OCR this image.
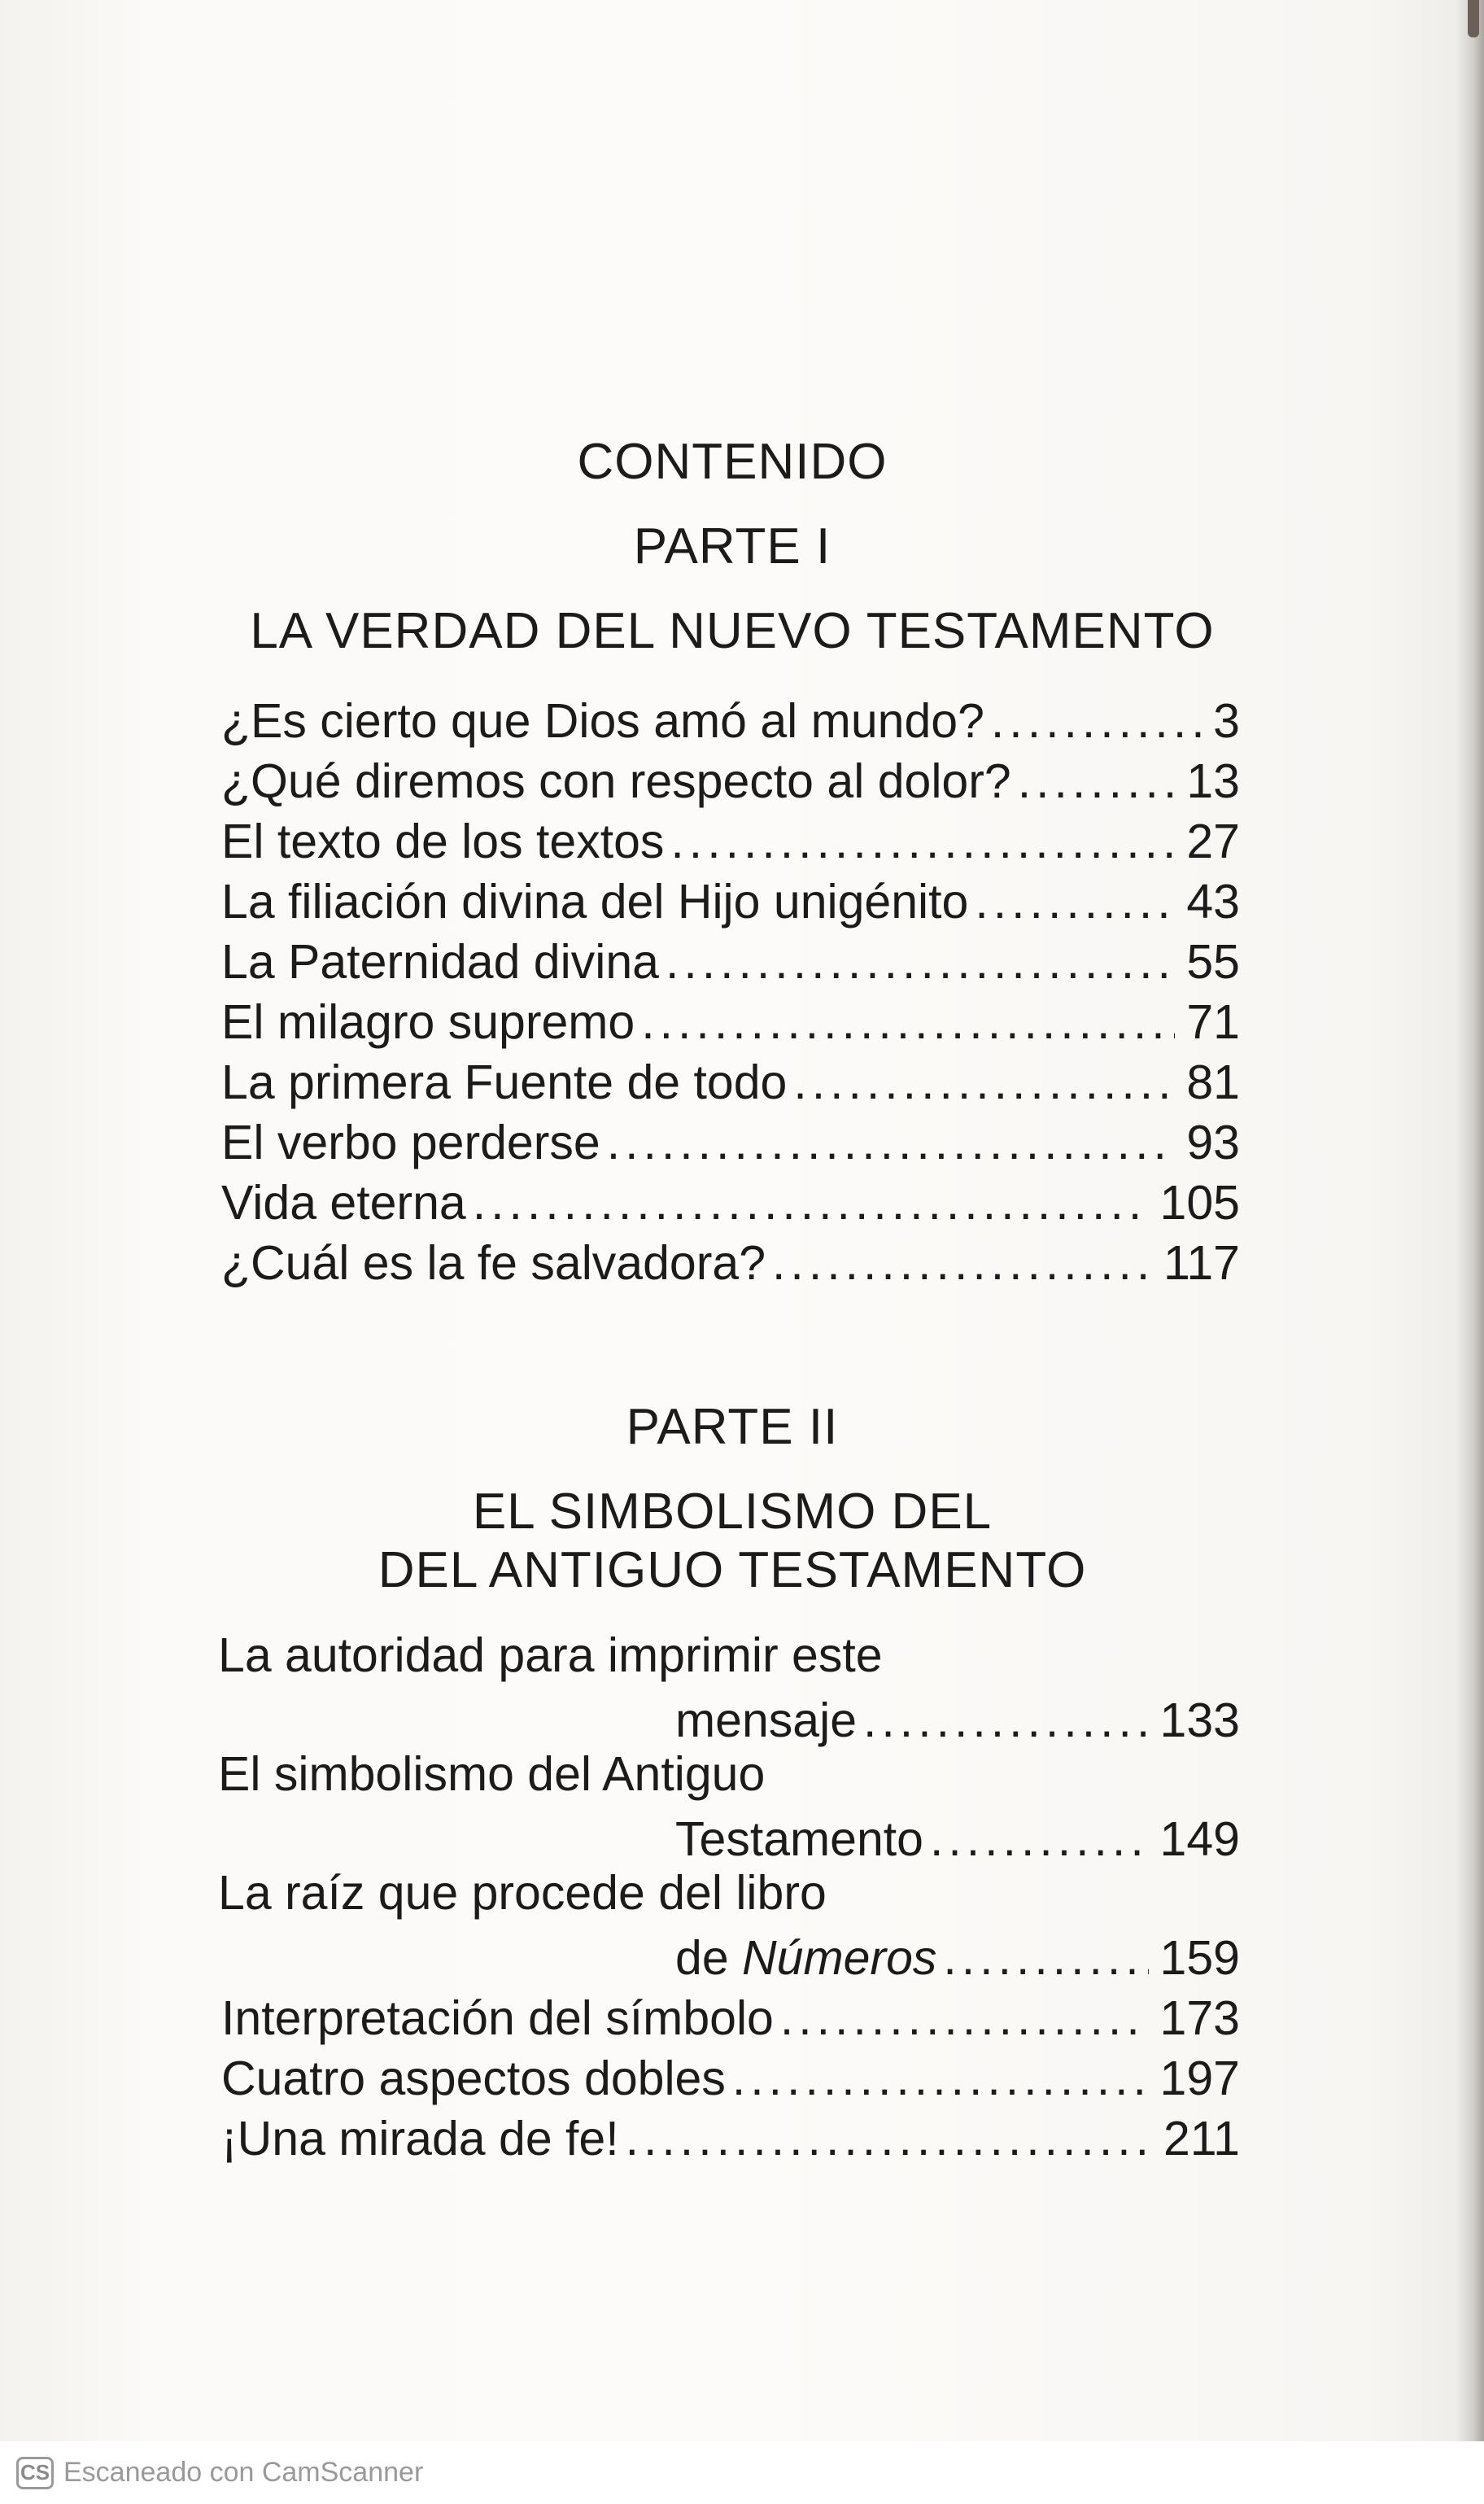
CONTENIDO
PARTE I
LA VERDAD DEL NUEVO TESTAMENTO
¿Es cierto que Dios amó al mundo? .....	3
¿Qué diremos con respecto al dolor? .....	13
El texto de los textos .....	27
La filiación divina del Hijo unigénito .....	43
La Paternidad divina .....	55
El milagro supremo .....	71
La primera Fuente de todo .....	81
El verbo perderse .....	93
Vida eterna .....	105
¿Cuál es la fe salvadora? .....	117
PARTE II
EL SIMBOLISMO DEL
DEL ANTIGUO TESTAMENTO
La autoridad para imprimir este
mensaje .....	133
El simbolismo del Antiguo
Testamento .....	149
La raíz que procede del libro
de Números .....	159
Interpretación del símbolo .....	173
Cuatro aspectos dobles .....	197
¡Una mirada de fe! .....	211
CS Escaneado con CamScanner
